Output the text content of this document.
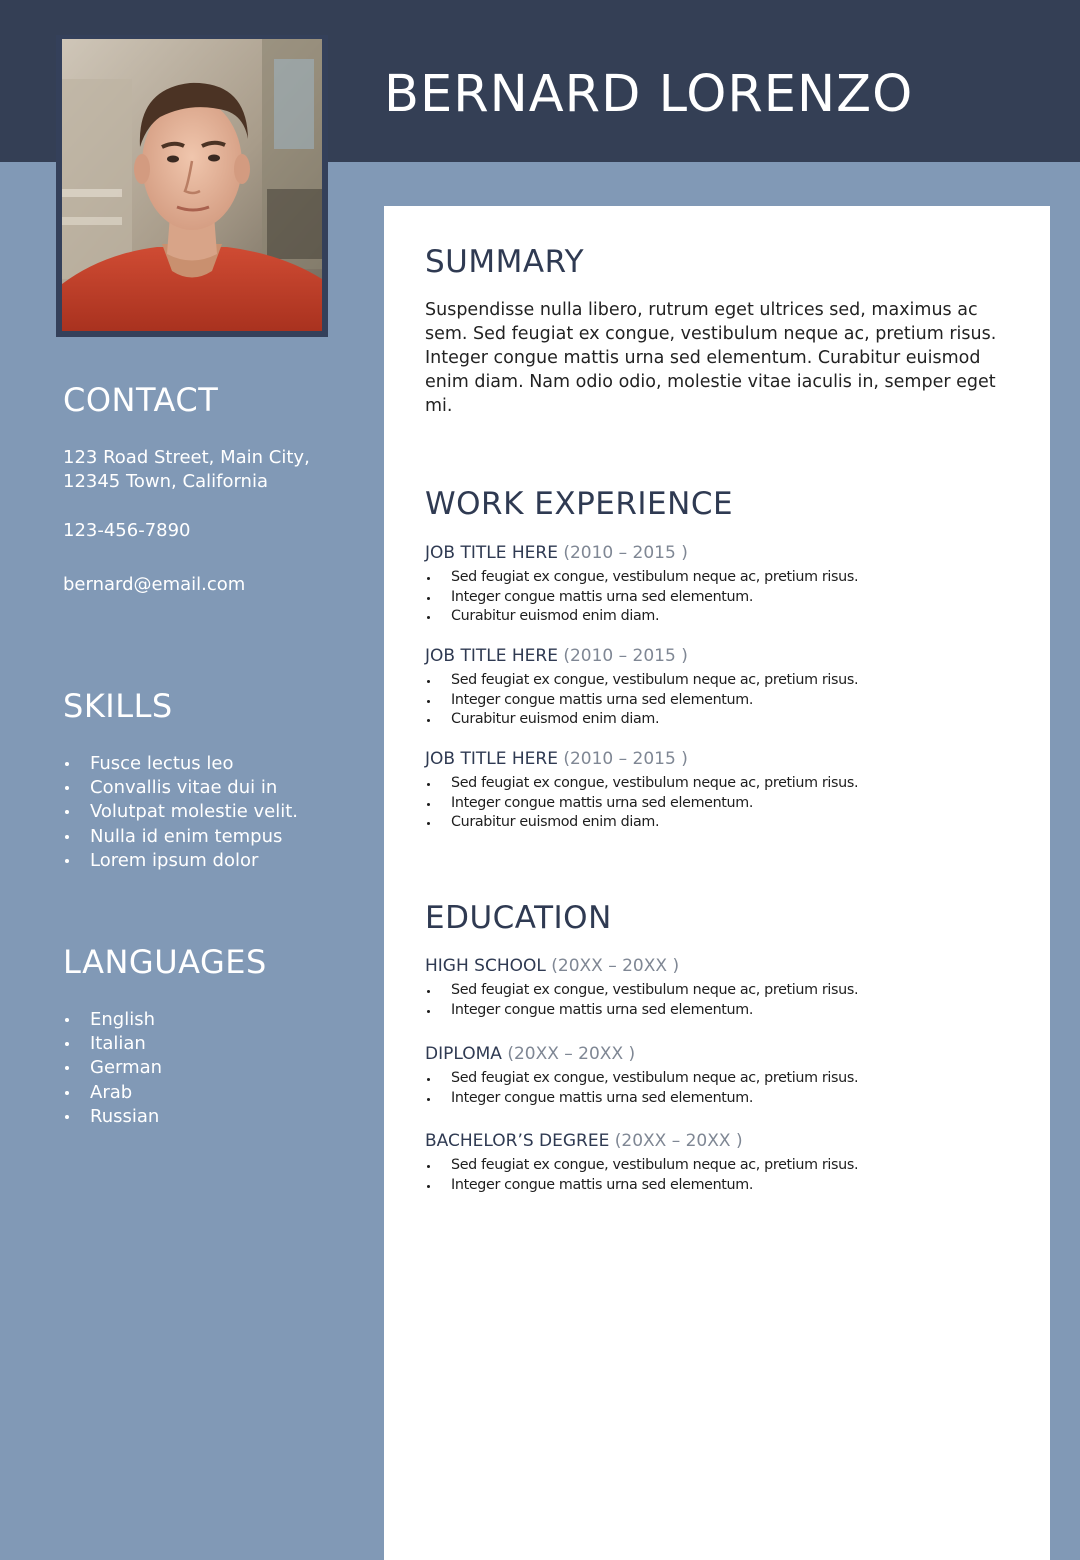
BERNARD LORENZO
CONTACT

123 Road Street, Main City,
12345 Town, California

123-456-7890

bernard@email.com

SKILLS
Fusce lectus leo
Convallis vitae dui in
Volutpat molestie velit.
Nulla id enim tempus
Lorem ipsum dolor
LANGUAGES
English
Italian
German
Arab
Russian
SUMMARY

Suspendisse nulla libero, rutrum eget ultrices sed, maximus ac sem. Sed feugiat ex congue, vestibulum neque ac, pretium risus. Integer congue mattis urna sed elementum. Curabitur euismod enim diam. Nam odio odio, molestie vitae iaculis in, semper eget mi.

WORK EXPERIENCE
JOB TITLE HERE (2010 – 2015 )
Sed feugiat ex congue, vestibulum neque ac, pretium risus.
Integer congue mattis urna sed elementum.
Curabitur euismod enim diam.
JOB TITLE HERE (2010 – 2015 )
Sed feugiat ex congue, vestibulum neque ac, pretium risus.
Integer congue mattis urna sed elementum.
Curabitur euismod enim diam.
JOB TITLE HERE (2010 – 2015 )
Sed feugiat ex congue, vestibulum neque ac, pretium risus.
Integer congue mattis urna sed elementum.
Curabitur euismod enim diam.
EDUCATION
HIGH SCHOOL (20XX – 20XX )
Sed feugiat ex congue, vestibulum neque ac, pretium risus.
Integer congue mattis urna sed elementum.
DIPLOMA (20XX – 20XX )
Sed feugiat ex congue, vestibulum neque ac, pretium risus.
Integer congue mattis urna sed elementum.
BACHELOR’S DEGREE (20XX – 20XX )
Sed feugiat ex congue, vestibulum neque ac, pretium risus.
Integer congue mattis urna sed elementum.
